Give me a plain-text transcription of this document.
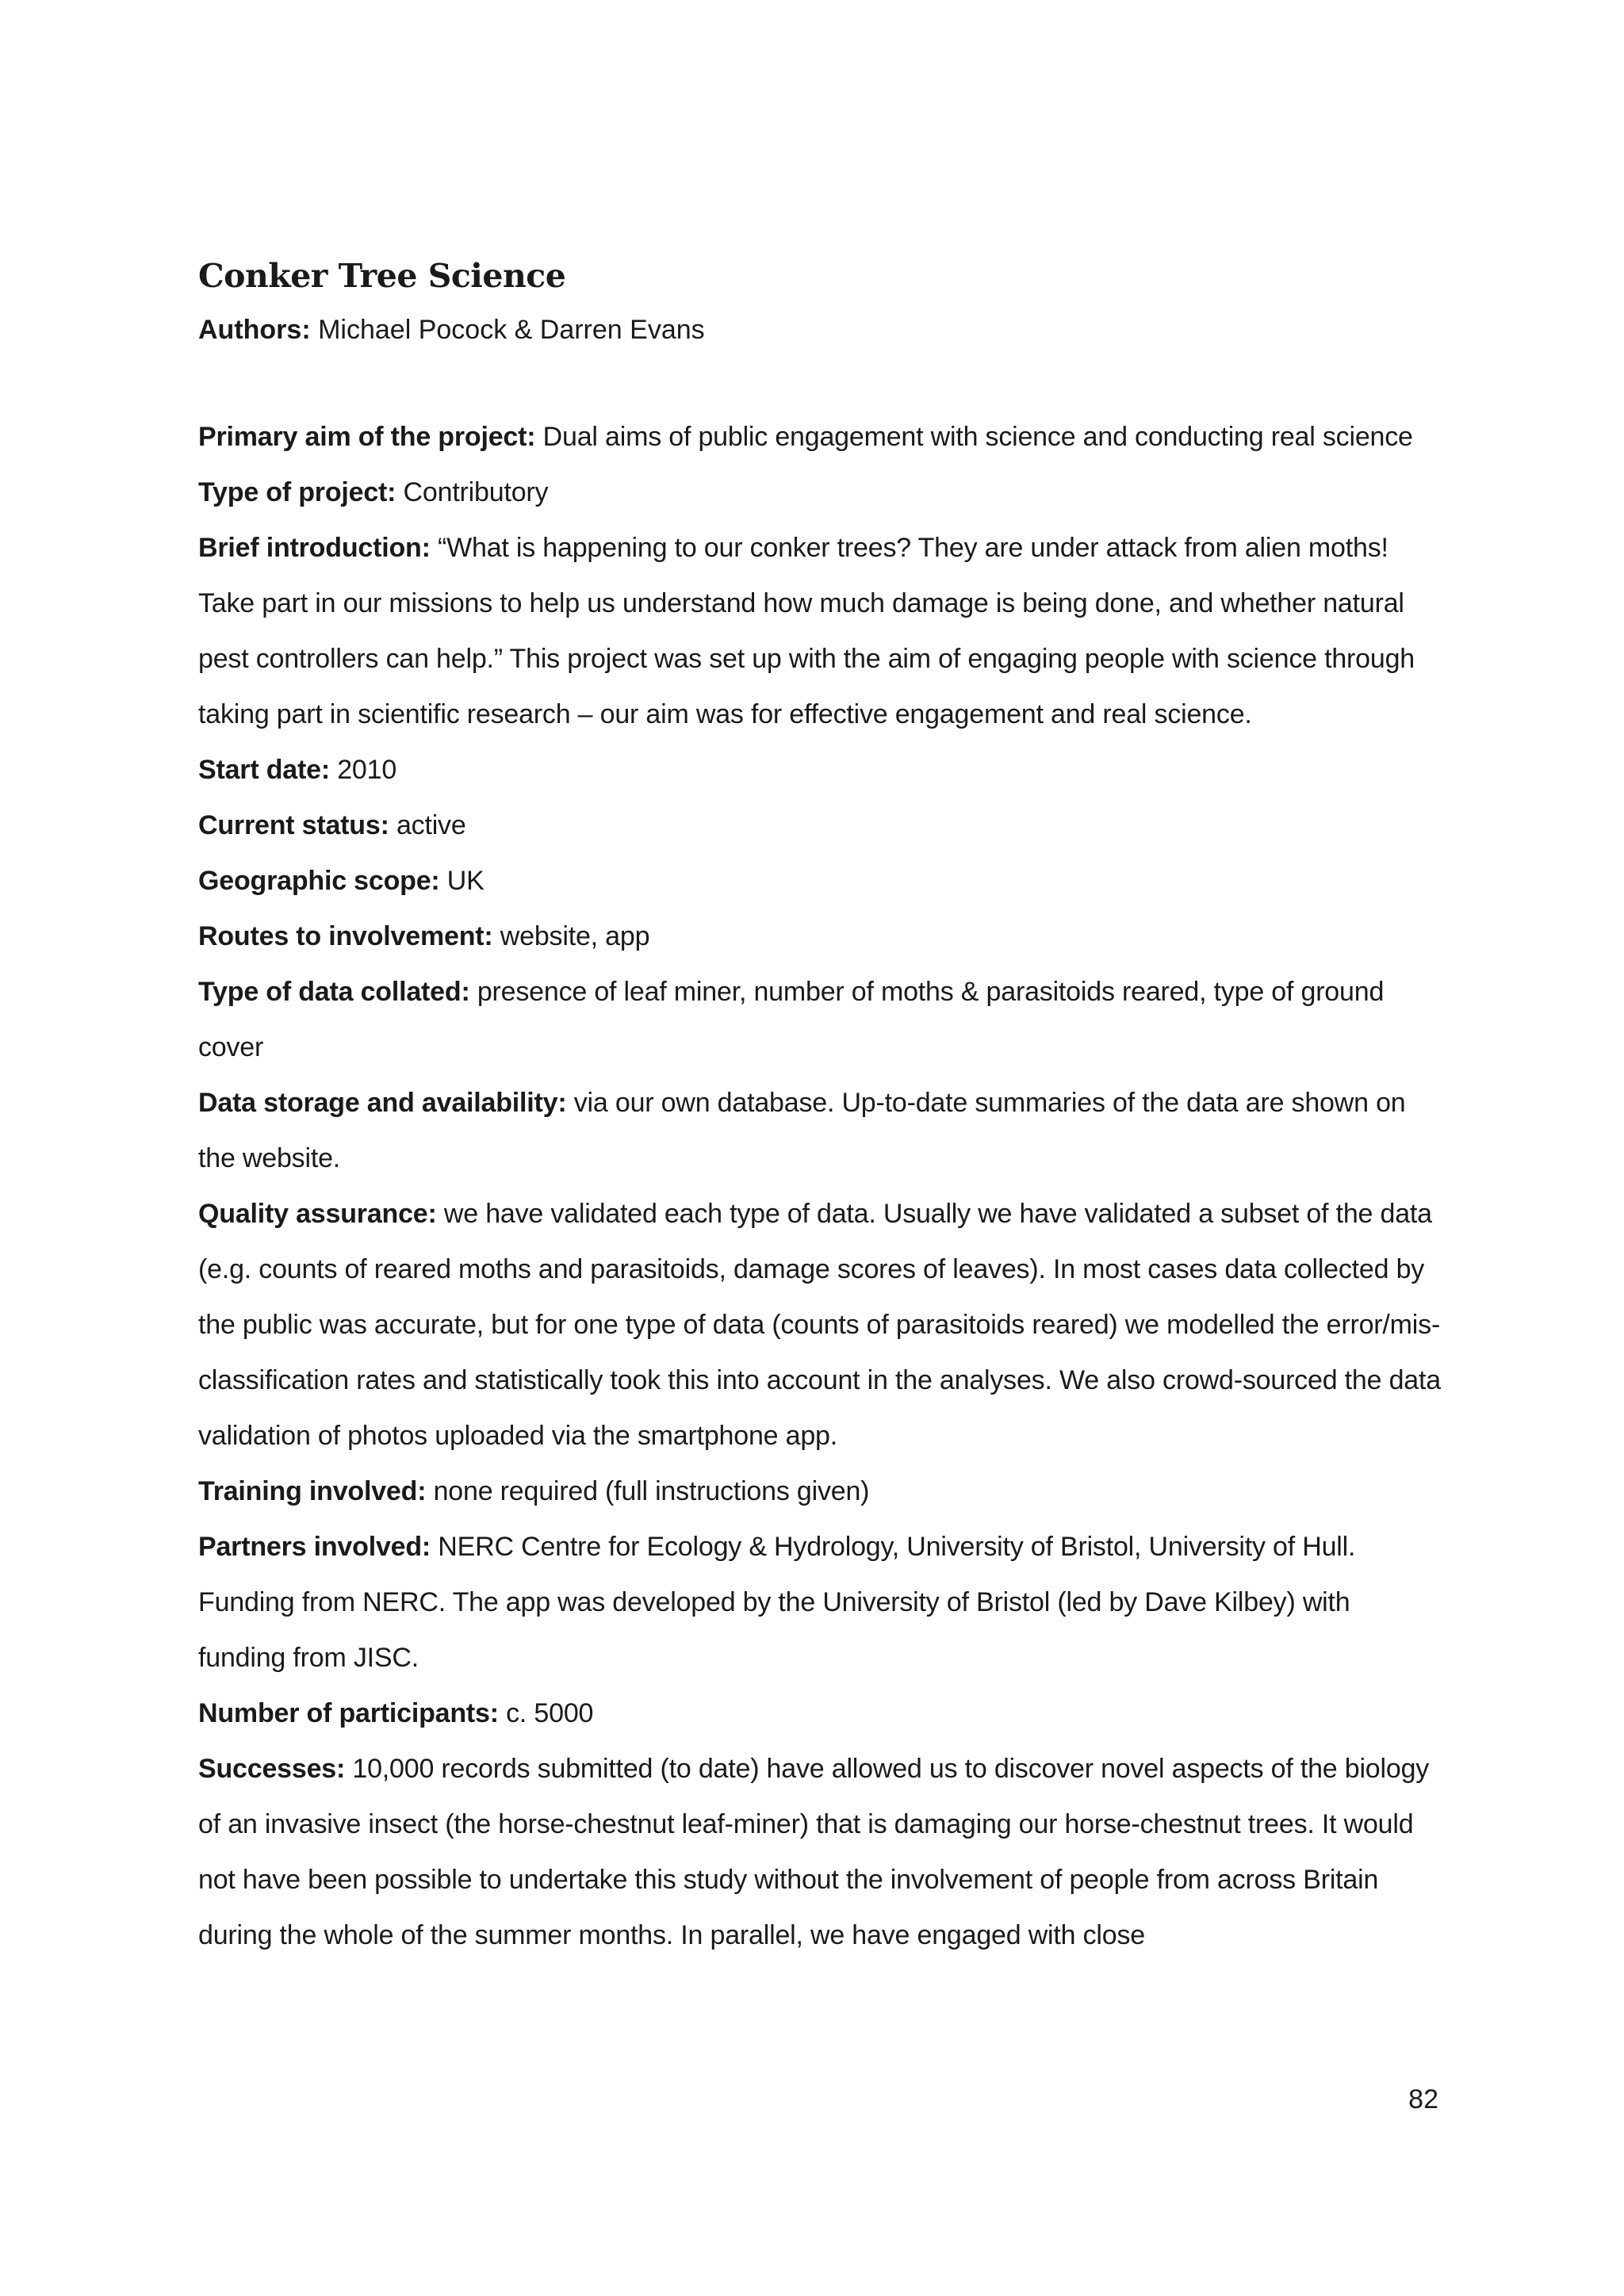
Conker Tree Science

Authors: Michael Pocock & Darren Evans

Primary aim of the project: Dual aims of public engagement with science and conducting real science

Type of project: Contributory

Brief introduction: “What is happening to our conker trees? They are under attack from alien moths! Take part in our missions to help us understand how much damage is being done, and whether natural pest controllers can help.” This project was set up with the aim of engaging people with science through taking part in scientific research – our aim was for effective engagement and real science.

Start date: 2010

Current status: active

Geographic scope: UK

Routes to involvement: website, app

Type of data collated: presence of leaf miner, number of moths & parasitoids reared, type of ground cover

Data storage and availability: via our own database. Up-to-date summaries of the data are shown on the website.

Quality assurance: we have validated each type of data. Usually we have validated a subset of the data (e.g. counts of reared moths and parasitoids, damage scores of leaves). In most cases data collected by the public was accurate, but for one type of data (counts of parasitoids reared) we modelled the error/mis-classification rates and statistically took this into account in the analyses. We also crowd-sourced the data validation of photos uploaded via the smartphone app.

Training involved: none required (full instructions given)

Partners involved: NERC Centre for Ecology & Hydrology, University of Bristol, University of Hull. Funding from NERC. The app was developed by the University of Bristol (led by Dave Kilbey) with funding from JISC.

Number of participants: c. 5000

Successes: 10,000 records submitted (to date) have allowed us to discover novel aspects of the biology of an invasive insect (the horse-chestnut leaf-miner) that is damaging our horse-chestnut trees. It would not have been possible to undertake this study without the involvement of people from across Britain during the whole of the summer months. In parallel, we have engaged with close

82
